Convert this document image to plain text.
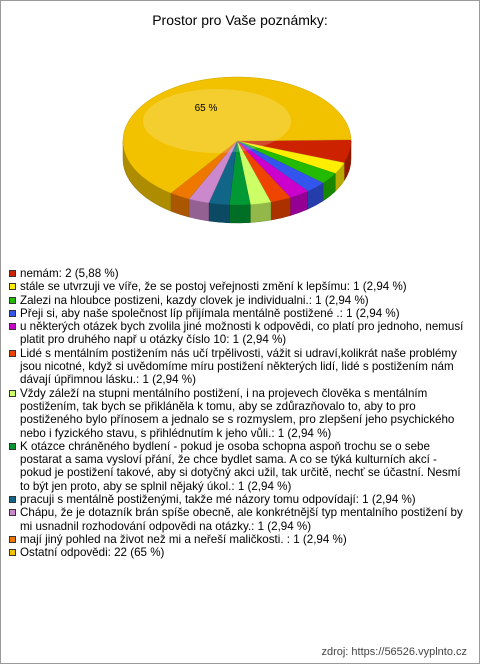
Prostor pro Vaše poznámky:
65 %
nemám: 2 (5,88 %)
stále se utvrzuji ve víře, že se postoj veřejnosti změní k lepšímu: 1 (2,94 %)
Zalezi na hloubce postizeni, kazdy clovek je individualni.: 1 (2,94 %)
Přeji si, aby naše společnost líp přijímala mentálně postižené .: 1 (2,94 %)
u některých otázek bych zvolila jiné možnosti k odpovědi, co platí pro jednoho, nemusí platit pro druhého např u otázky číslo 10: 1 (2,94 %)
Lidé s mentálním postižením nás učí trpělivosti, vážit si udraví,kolikrát naše problémy jsou nicotné, když si uvědomíme míru postižení některých lidí, lidé s postižením nám dávají úpřimnou lásku.: 1 (2,94 %)
Vždy záleží na stupni mentálního postižení, i na projevech člověka s mentálním postižením, tak bych se přikláněla k tomu, aby se zdůrazňovalo to, aby to pro postiženého bylo přínosem a jednalo se s rozmyslem, pro zlepšení jeho psychického nebo i fyzického stavu, s přihlédnutím k jeho vůli.: 1 (2,94 %)
K otázce chráněného bydlení - pokud je osoba schopna aspoň trochu se o sebe postarat a sama vysloví přání, že chce bydlet sama. A co se týká kulturních akcí - pokud je postižení takové, aby si dotyčný akci užil, tak určitě, nechť se účastní. Nesmí to být jen proto, aby se splnil nějaký úkol.: 1 (2,94 %)
pracuji s mentálně postiženými, takže mé názory tomu odpovídají: 1 (2,94 %)
Chápu, že je dotazník brán spíše obecně, ale konkrétnější typ mentalního postižení by mi usnadnil rozhodování odpovědi na otázky.: 1 (2,94 %)
mají jiný pohled na život než mi a neřeší maličkosti. : 1 (2,94 %)
Ostatní odpovědi: 22 (65 %)
zdroj: https://56526.vyplnto.cz
